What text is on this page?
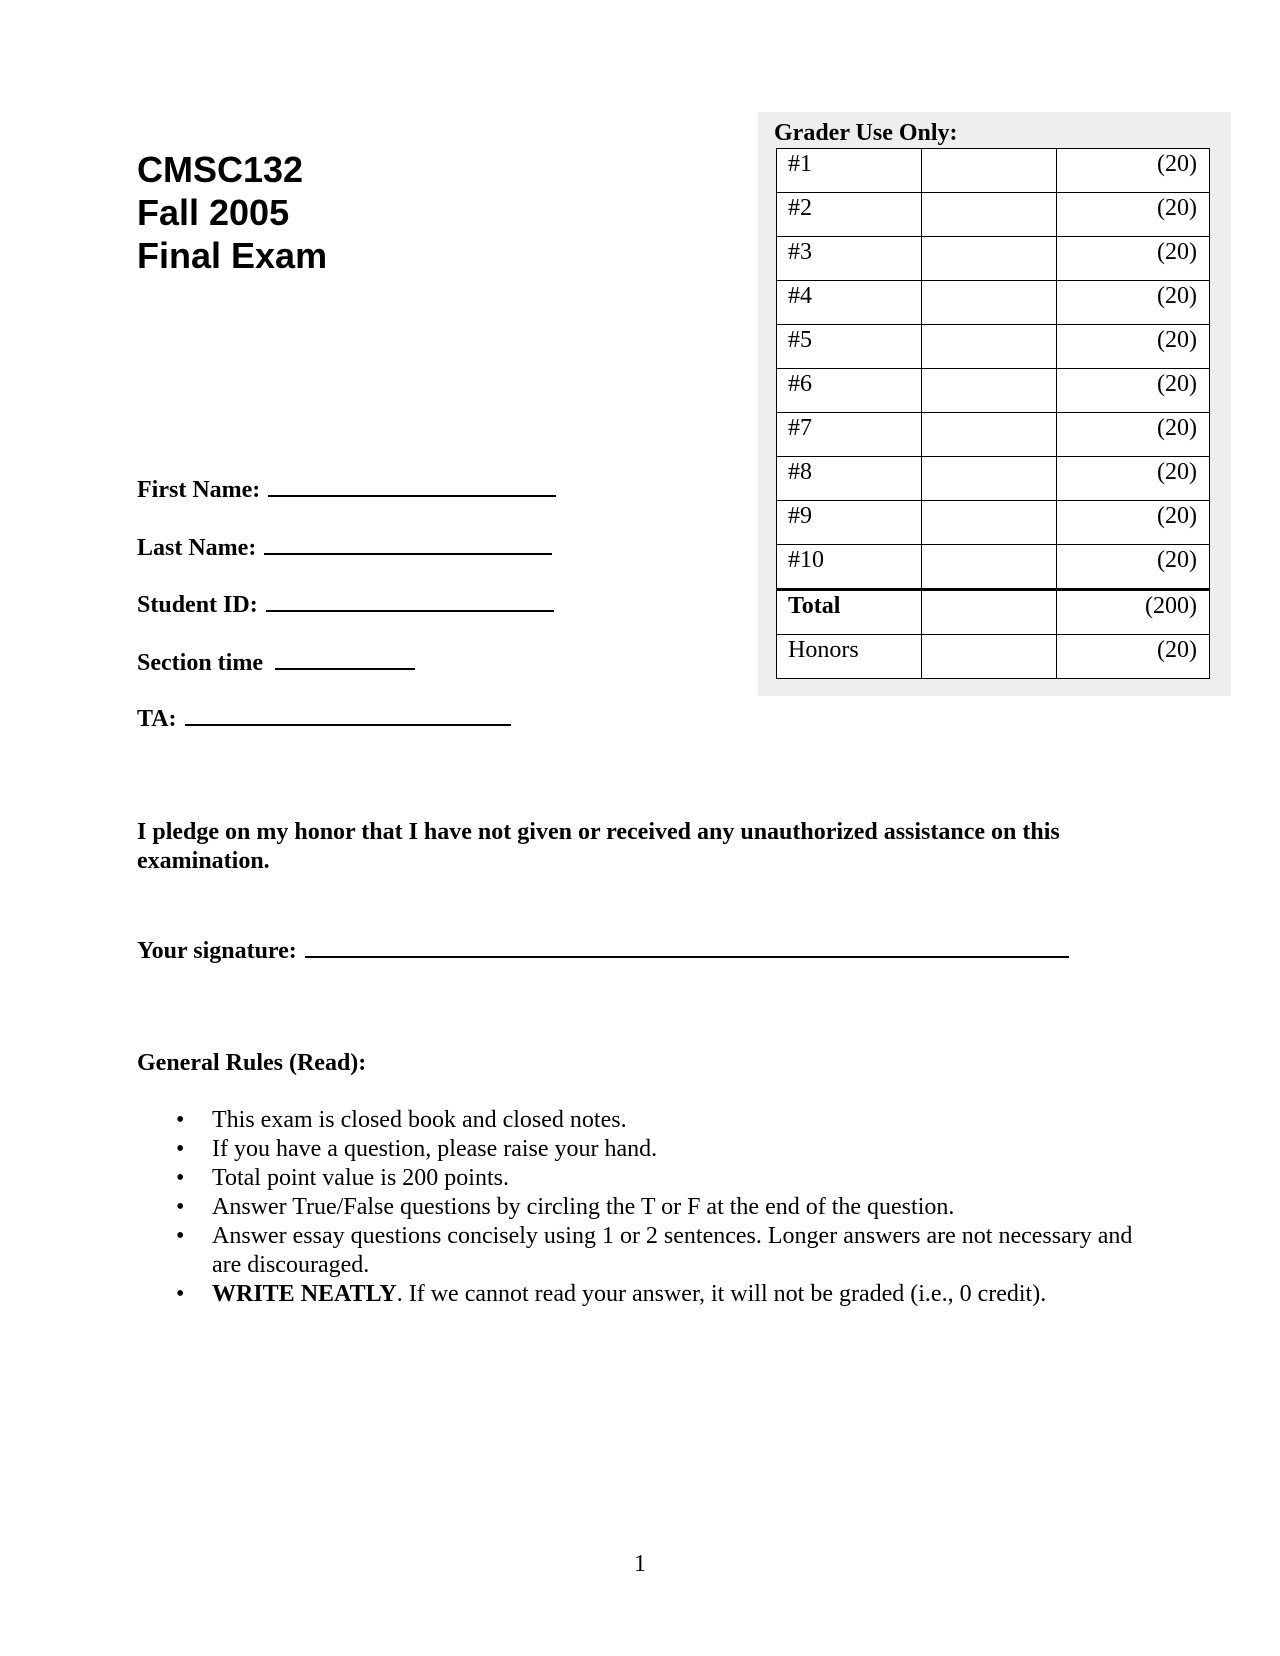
CMSC132
Fall 2005
Final Exam
Grader Use Only:
#1		(20)
#2		(20)
#3		(20)
#4		(20)
#5		(20)
#6		(20)
#7		(20)
#8		(20)
#9		(20)
#10		(20)
Total		(200)
Honors		(20)
First Name:
Last Name:
Student ID:
Section time
TA:
I pledge on my honor that I have not given or received any unauthorized assistance on this examination.
Your signature:
General Rules (Read):
• This exam is closed book and closed notes.
• If you have a question, please raise your hand.
• Total point value is 200 points.
• Answer True/False questions by circling the T or F at the end of the question.
• Answer essay questions concisely using 1 or 2 sentences. Longer answers are not necessary and are discouraged.
• WRITE NEATLY. If we cannot read your answer, it will not be graded (i.e., 0 credit).
1
